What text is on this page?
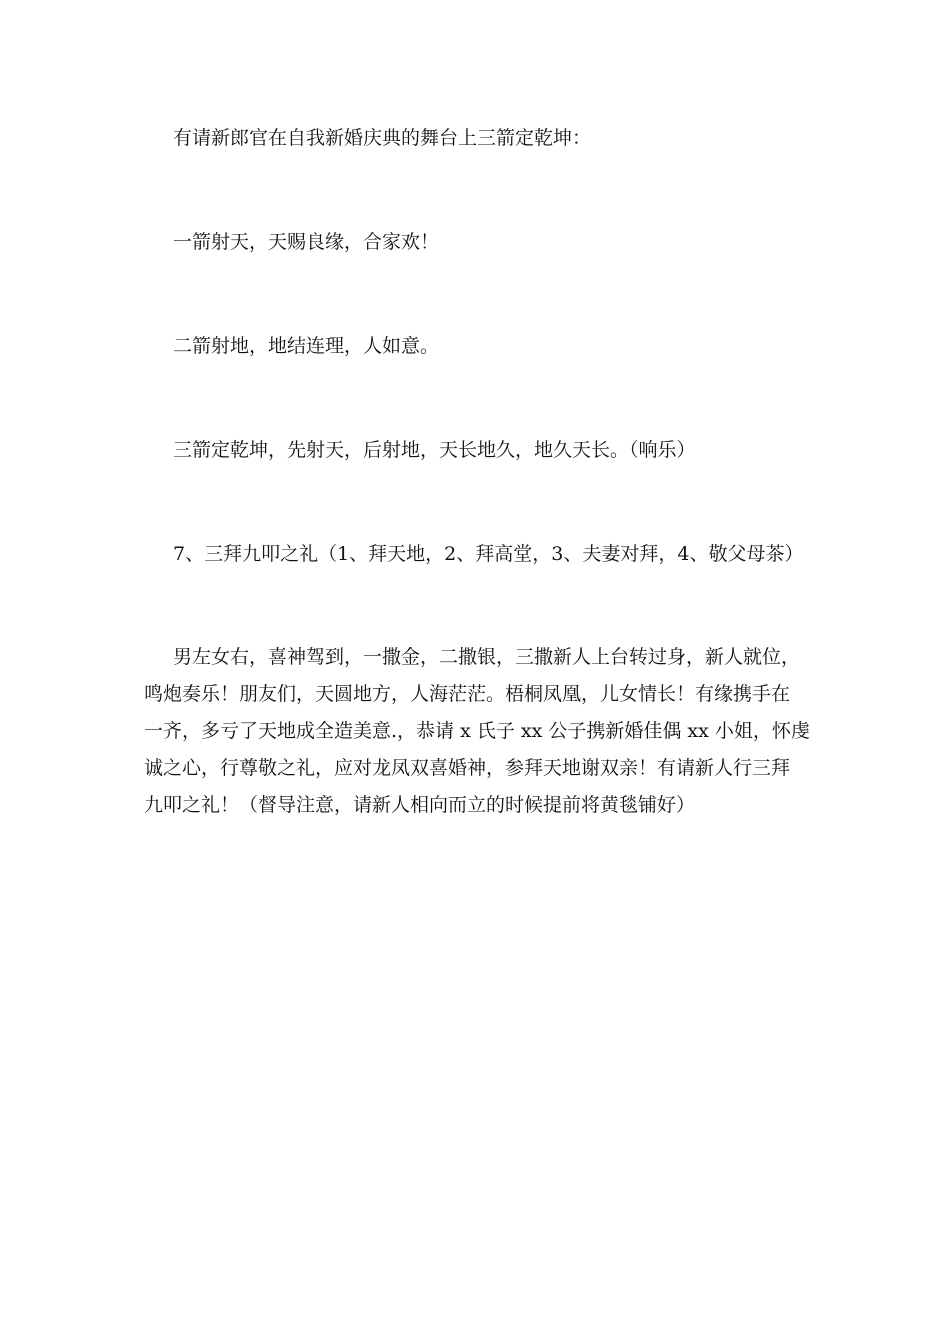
有请新郎官在自我新婚庆典的舞台上三箭定乾坤：

一箭射天，天赐良缘，合家欢！

二箭射地，地结连理，人如意。

三箭定乾坤，先射天，后射地，天长地久，地久天长。（响乐）

7、三拜九叩之礼（1、拜天地，2、拜高堂，3、夫妻对拜，4、敬父母茶）

男左女右，喜神驾到，一撒金，二撒银，三撒新人上台转过身，新人就位，
鸣炮奏乐！朋友们，天圆地方，人海茫茫。梧桐凤凰，儿女情长！有缘携手在
一齐，多亏了天地成全造美意.，恭请 x 氏子 xx 公子携新婚佳偶 xx 小姐，怀虔
诚之心，行尊敬之礼，应对龙凤双喜婚神，参拜天地谢双亲！有请新人行三拜
九叩之礼！（督导注意，请新人相向而立的时候提前将黄毯铺好）
